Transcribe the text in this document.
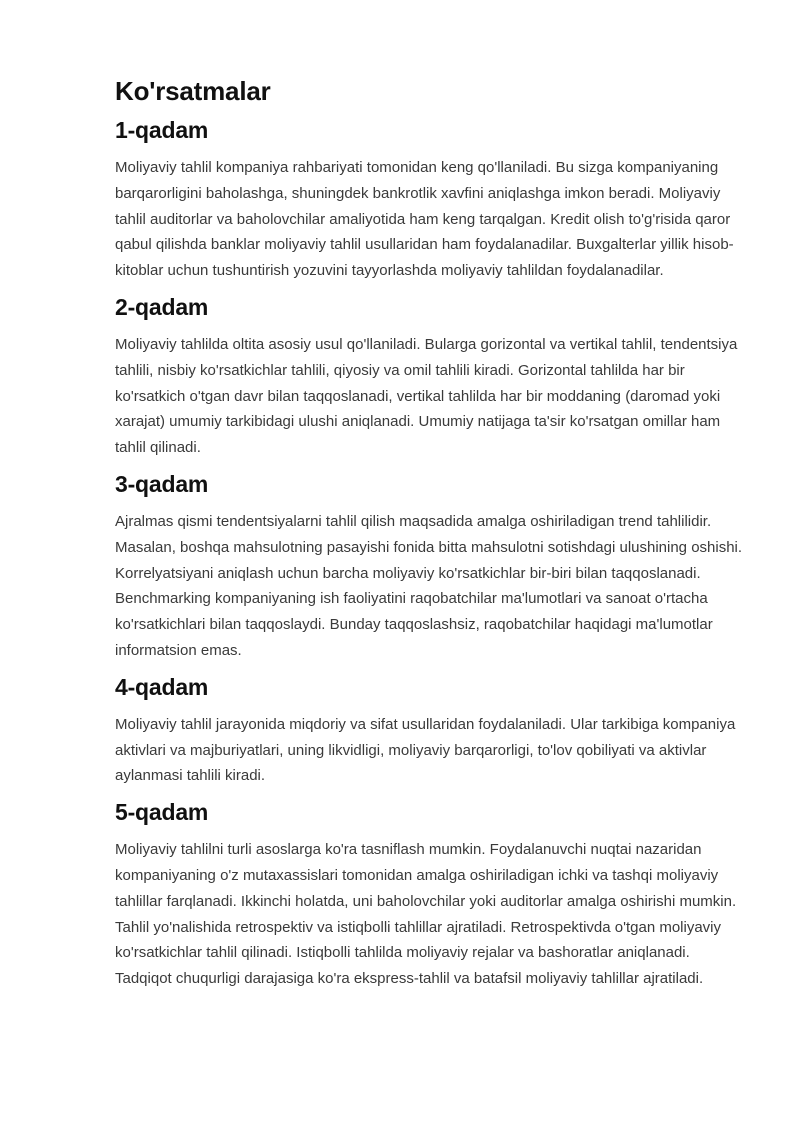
Ko'rsatmalar
1-qadam

Moliyaviy tahlil kompaniya rahbariyati tomonidan keng qo'llaniladi. Bu sizga kompaniyaning barqarorligini baholashga, shuningdek bankrotlik xavfini aniqlashga imkon beradi. Moliyaviy tahlil auditorlar va baholovchilar amaliyotida ham keng tarqalgan. Kredit olish to'g'risida qaror qabul qilishda banklar moliyaviy tahlil usullaridan ham foydalanadilar. Buxgalterlar yillik hisob-kitoblar uchun tushuntirish yozuvini tayyorlashda moliyaviy tahlildan foydalanadilar.

2-qadam

Moliyaviy tahlilda oltita asosiy usul qo'llaniladi. Bularga gorizontal va vertikal tahlil, tendentsiya tahlili, nisbiy ko'rsatkichlar tahlili, qiyosiy va omil tahlili kiradi. Gorizontal tahlilda har bir ko'rsatkich o'tgan davr bilan taqqoslanadi, vertikal tahlilda har bir moddaning (daromad yoki xarajat) umumiy tarkibidagi ulushi aniqlanadi. Umumiy natijaga ta'sir ko'rsatgan omillar ham tahlil qilinadi.

3-qadam

Ajralmas qismi tendentsiyalarni tahlil qilish maqsadida amalga oshiriladigan trend tahlilidir. Masalan, boshqa mahsulotning pasayishi fonida bitta mahsulotni sotishdagi ulushining oshishi. Korrelyatsiyani aniqlash uchun barcha moliyaviy ko'rsatkichlar bir-biri bilan taqqoslanadi. Benchmarking kompaniyaning ish faoliyatini raqobatchilar ma'lumotlari va sanoat o'rtacha ko'rsatkichlari bilan taqqoslaydi. Bunday taqqoslashsiz, raqobatchilar haqidagi ma'lumotlar informatsion emas.

4-qadam

Moliyaviy tahlil jarayonida miqdoriy va sifat usullaridan foydalaniladi. Ular tarkibiga kompaniya aktivlari va majburiyatlari, uning likvidligi, moliyaviy barqarorligi, to'lov qobiliyati va aktivlar aylanmasi tahlili kiradi.

5-qadam

Moliyaviy tahlilni turli asoslarga ko'ra tasniflash mumkin. Foydalanuvchi nuqtai nazaridan kompaniyaning o'z mutaxassislari tomonidan amalga oshiriladigan ichki va tashqi moliyaviy tahlillar farqlanadi. Ikkinchi holatda, uni baholovchilar yoki auditorlar amalga oshirishi mumkin. Tahlil yo'nalishida retrospektiv va istiqbolli tahlillar ajratiladi. Retrospektivda o'tgan moliyaviy ko'rsatkichlar tahlil qilinadi. Istiqbolli tahlilda moliyaviy rejalar va bashoratlar aniqlanadi. Tadqiqot chuqurligi darajasiga ko'ra ekspress-tahlil va batafsil moliyaviy tahlillar ajratiladi.
